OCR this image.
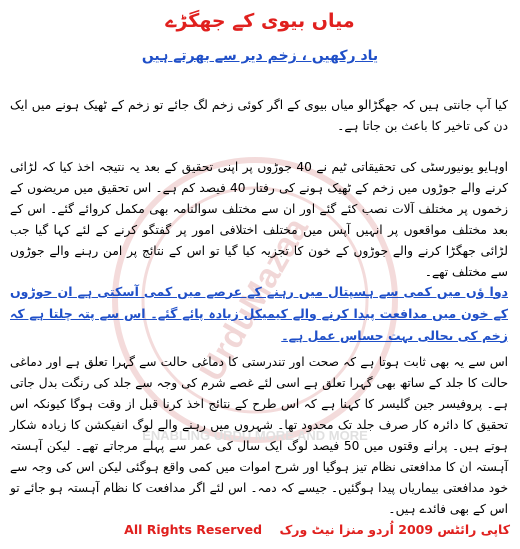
UrduMazaa
ENABLING URDU MORE AND MORE
میاں بیوی کے جھگڑے
یاد رکھیں ، زخم دیر سے بھرتے ہیں

کیا آپ جانتی ہیں کہ جھگڑالو میاں بیوی کے اگر کوئی زخم لگ جائے تو زخم کے ٹھیک ہونے میں ایک دن کی تاخیر کا باعث بن جاتا ہے۔

اوہایو یونیورسٹی کی تحقیقاتی ٹیم نے 40 جوڑوں پر اپنی تحقیق کے بعد یہ نتیجہ اخذ کیا کہ لڑائی کرنے والے جوڑوں میں زخم کے ٹھیک ہونے کی رفتار 40 فیصد کم ہے۔ اس تحقیق میں مریضوں کے زخموں پر مختلف آلات نصب کئے گئے اور ان سے مختلف سوالنامہ بھی مکمل کروائے گئے۔ اس کے بعد مختلف مواقعوں پر انہیں آپس میں مختلف اختلافی امور پر گفتگو کرنے کے لئے کہا گیا جب لڑائی جھگڑا کرنے والے جوڑوں کے خون کا تجزیہ کیا گیا تو اس کے نتائج پر امن رہنے والے جوڑوں سے مختلف تھے۔

دوا ؤں میں کمی سے ہسپتال میں رہنے کے عرصے میں کمی آسکتی ہے ان جوڑوں کے خون میں مدافعت پیدا کرنے والے کیمیکل زیادہ پائے گئے۔ اس سے پتہ چلتا ہے کہ زخم کی بحالی بہت حساس عمل ہے۔

اس سے یہ بھی ثابت ہوتا ہے کہ صحت اور تندرستی کا دماغی حالت سے گہرا تعلق ہے اور دماغی حالت کا جلد کے ساتھ بھی گہرا تعلق ہے اسی لئے غصے شرم کی وجہ سے جلد کی رنگت بدل جاتی ہے۔ پروفیسر جین گلیسر کا کہنا ہے کہ اس طرح کے نتائج اخذ کرنا قبل از وقت ہوگا کیونکہ اس تحقیق کا دائرہ کار صرف جلد تک محدود تھا۔ شہروں میں رہنے والے لوگ انفیکشن کا زیادہ شکار ہوتے ہیں۔ پرانے وقتوں میں 50 فیصد لوگ ایک سال کی عمر سے پہلے مرجاتے تھے۔ لیکن آہستہ آہستہ ان کا مدافعتی نظام تیز ہوگیا اور شرح اموات میں کمی واقع ہوگئی لیکن اس کی وجہ سے خود مدافعتی بیماریاں پیدا ہوگئیں۔ جیسے کہ دمہ۔ اس لئے اگر مدافعت کا نظام آہستہ ہو جائے تو اس کے بھی فائدے ہیں۔

All Rights Reserved کاپی رائٹس 2009 اُردو منزا نیٹ ورک
